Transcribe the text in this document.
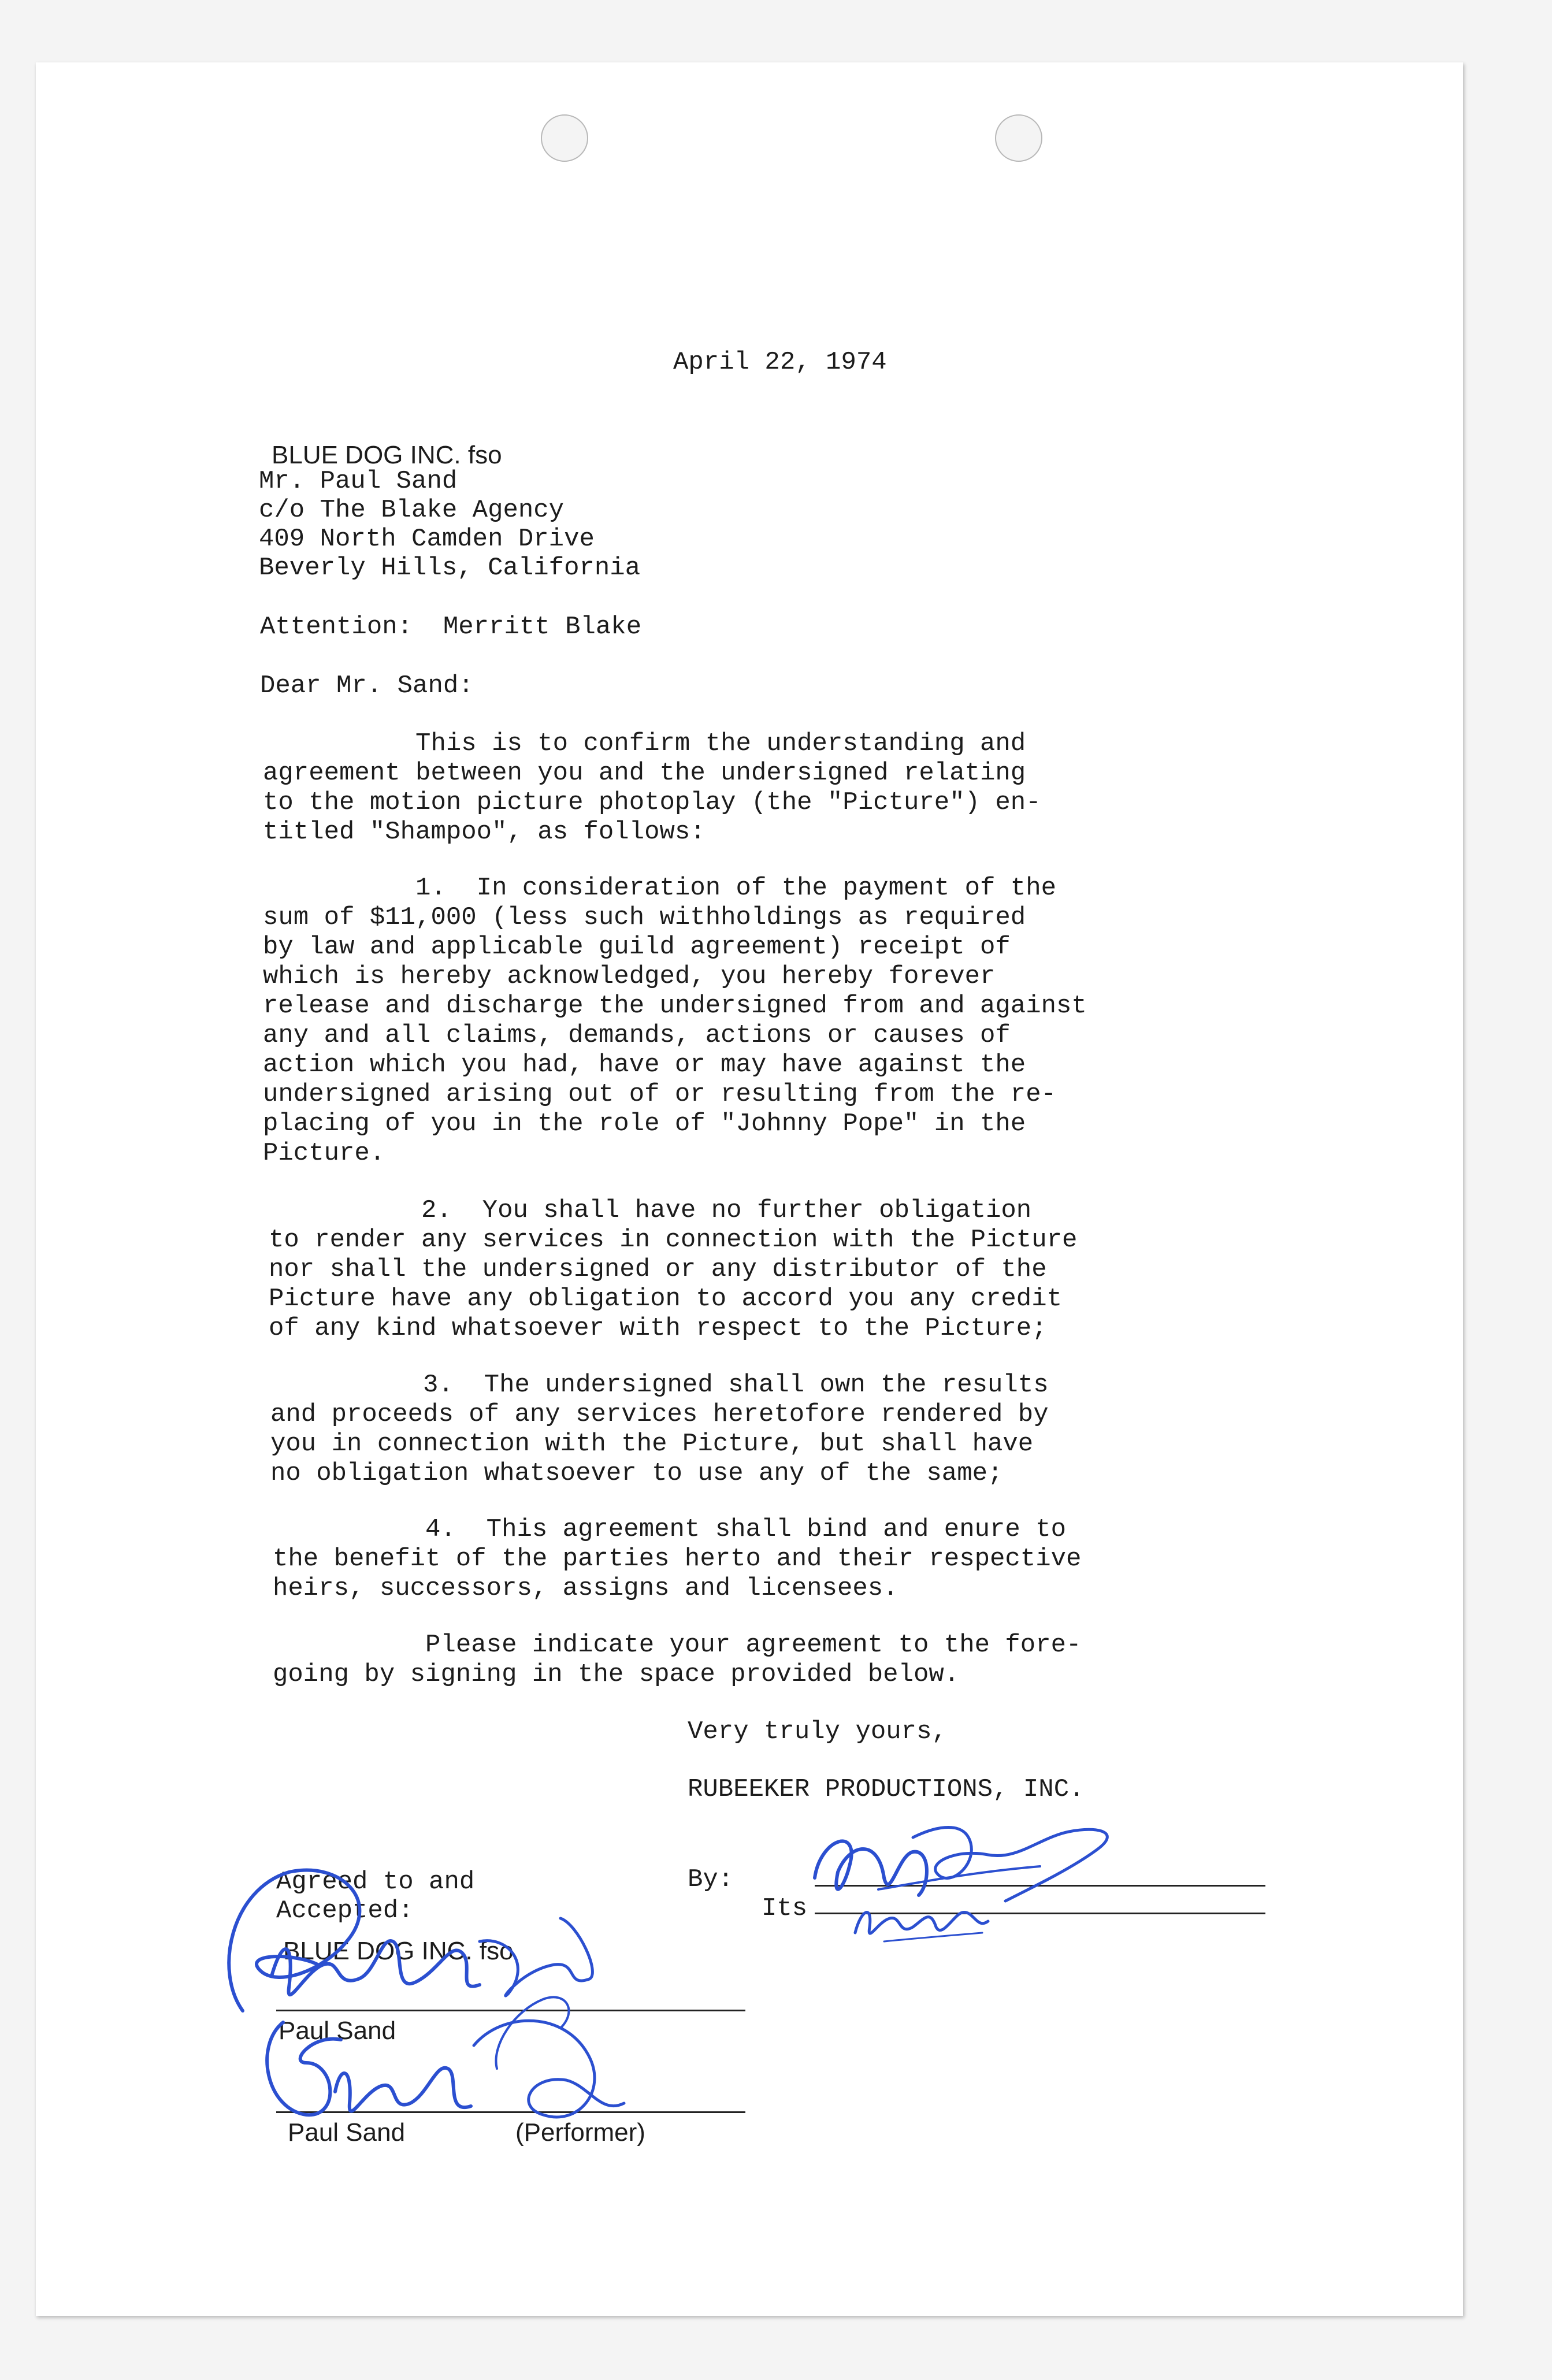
April 22, 1974
BLUE DOG INC. fso
Mr. Paul Sand
c/o The Blake Agency
409 North Camden Drive
Beverly Hills, California
Attention:  Merritt Blake
Dear Mr. Sand:
This is to confirm the understanding and
agreement between you and the undersigned relating
to the motion picture photoplay (the "Picture") en-
titled "Shampoo", as follows:
1.  In consideration of the payment of the
sum of $11,000 (less such withholdings as required
by law and applicable guild agreement) receipt of
which is hereby acknowledged, you hereby forever
release and discharge the undersigned from and against
any and all claims, demands, actions or causes of
action which you had, have or may have against the
undersigned arising out of or resulting from the re-
placing of you in the role of "Johnny Pope" in the
Picture.
2.  You shall have no further obligation
to render any services in connection with the Picture
nor shall the undersigned or any distributor of the
Picture have any obligation to accord you any credit
of any kind whatsoever with respect to the Picture;
3.  The undersigned shall own the results
and proceeds of any services heretofore rendered by
you in connection with the Picture, but shall have
no obligation whatsoever to use any of the same;
4.  This agreement shall bind and enure to
the benefit of the parties herto and their respective
heirs, successors, assigns and licensees.
Please indicate your agreement to the fore-
going by signing in the space provided below.
Very truly yours,
RUBEEKER PRODUCTIONS, INC.
By:
Its
Agreed to and
Accepted:
BLUE DOG INC. fso
Paul Sand
Paul Sand	(Performer)
